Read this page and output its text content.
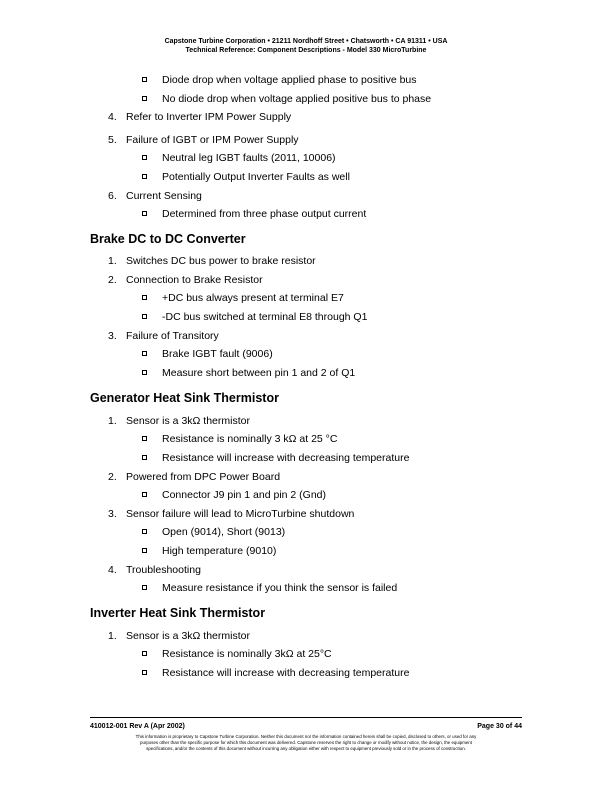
Capstone Turbine Corporation • 21211 Nordhoff Street • Chatsworth • CA 91311 • USA
Technical Reference: Component Descriptions - Model 330 MicroTurbine
Diode drop when voltage applied phase to positive bus
No diode drop when voltage applied positive bus to phase
4. Refer to Inverter IPM Power Supply
5. Failure of IGBT or IPM Power Supply
Neutral leg IGBT faults (2011, 10006)
Potentially Output Inverter Faults as well
6. Current Sensing
Determined from three phase output current
Brake DC to DC Converter
1. Switches DC bus power to brake resistor
2. Connection to Brake Resistor
+DC bus always present at terminal E7
-DC bus switched at terminal E8 through Q1
3. Failure of Transitory
Brake IGBT fault (9006)
Measure short between pin 1 and 2 of Q1
Generator Heat Sink Thermistor
1. Sensor is a 3kΩ thermistor
Resistance is nominally 3 kΩ at 25 °C
Resistance will increase with decreasing temperature
2. Powered from DPC Power Board
Connector J9 pin 1 and pin 2 (Gnd)
3. Sensor failure will lead to MicroTurbine shutdown
Open (9014), Short (9013)
High temperature (9010)
4. Troubleshooting
Measure resistance if you think the sensor is failed
Inverter Heat Sink Thermistor
1. Sensor is a 3kΩ thermistor
Resistance is nominally 3kΩ at 25°C
Resistance will increase with decreasing temperature
410012-001 Rev A (Apr 2002)	Page 30 of 44
This information is proprietary to Capstone Turbine Corporation. Neither this document nor the information contained herein shall be copied, disclosed to others, or used for any
purposes other than the specific purpose for which this document was delivered. Capstone reserves the right to change or modify without notice, the design, the equipment
specifications, and/or the contents of this document without incurring any obligation either with respect to equipment previously sold or in the process of construction.
